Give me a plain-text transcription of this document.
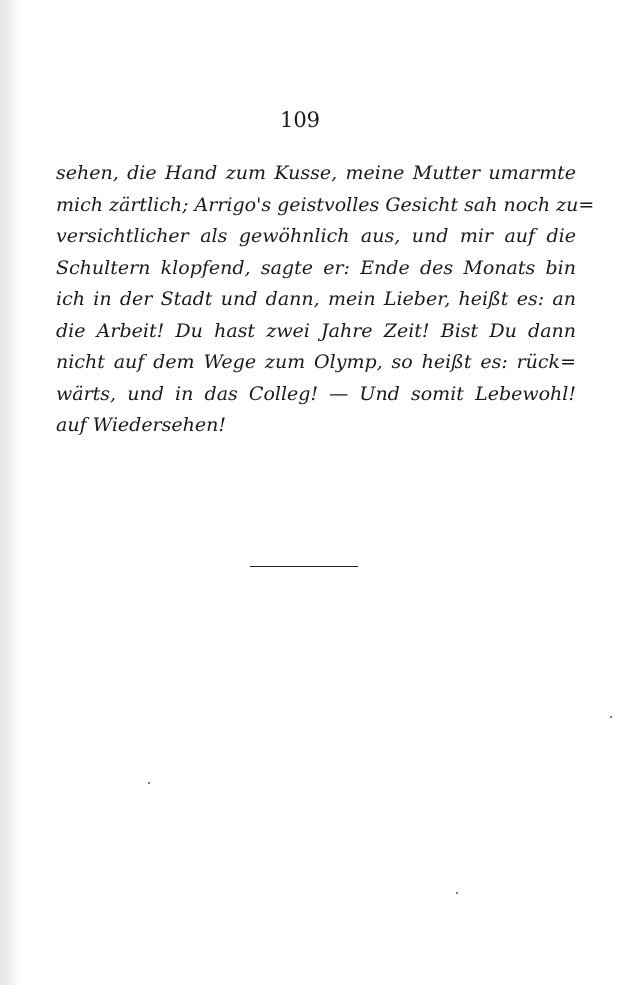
109

sehen, die Hand zum Kusse, meine Mutter umarmte
mich zärtlich; Arrigo's geistvolles Gesicht sah noch zu=
versichtlicher als gewöhnlich aus, und mir auf die
Schultern klopfend, sagte er: Ende des Monats bin
ich in der Stadt und dann, mein Lieber, heißt es: an
die Arbeit! Du hast zwei Jahre Zeit! Bist Du dann
nicht auf dem Wege zum Olymp, so heißt es: rück=
wärts, und in das Colleg! — Und somit Lebewohl!
auf Wiedersehen!
